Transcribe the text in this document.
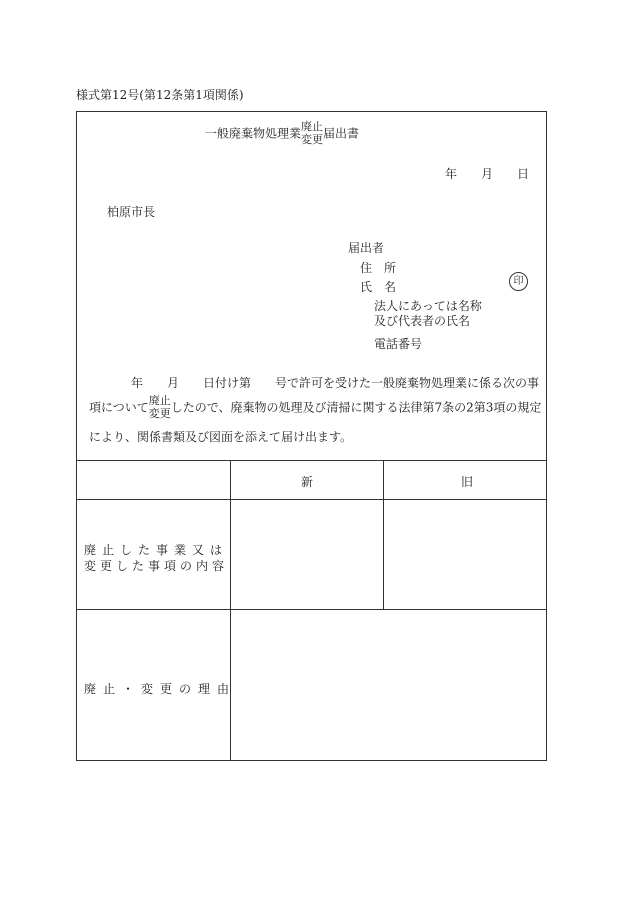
様式第12号(第12条第1項関係)
一般廃棄物処理業 廃止
変更 届出書
年 月 日
柏原市長
届出者
住　所
氏　名	印
法人にあっては名称
及び代表者の氏名
電話番号
年　　月　　日付け第　　号で許可を受けた一般廃棄物処理業に係る次の事
項について 廃止
変更 したので、廃棄物の処理及び清掃に関する法律第7条の2第3項の規定
により、関係書類及び図面を添えて届け出ます。
新	旧
廃止した事業又は
変更した事項の内容
廃止・変更の理由
